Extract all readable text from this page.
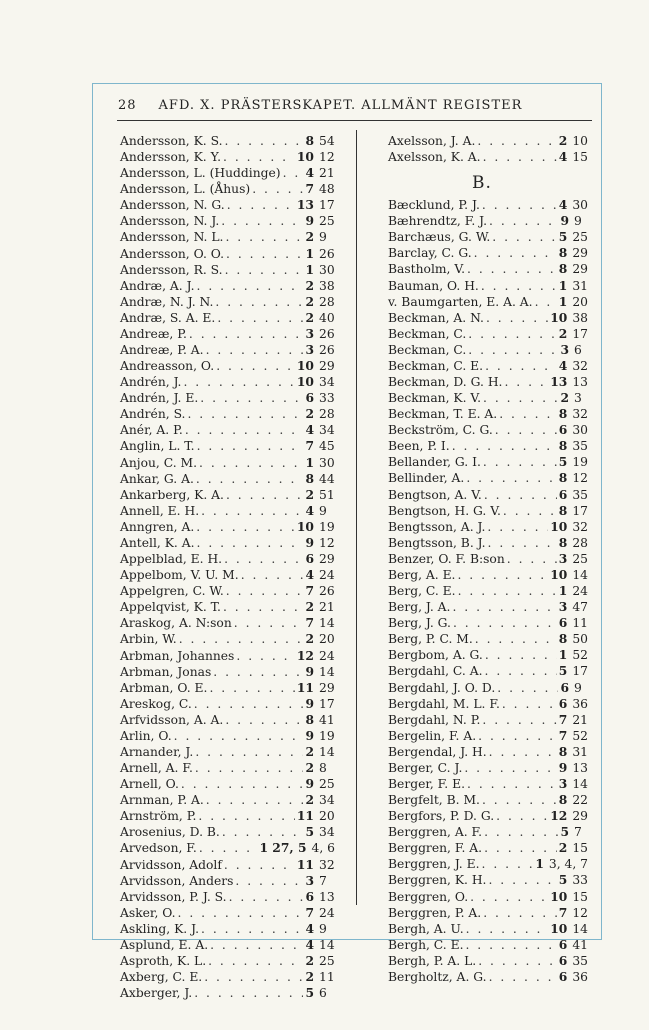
28 AFD. X. PRÄSTERSKAPET. ALLMÄNT REGISTER
Andersson, K. S. . . .	8 54
Andersson, K. Y. . . .	10 12
Andersson, L. (Huddinge) . . . 4 21
Andersson, L. (Åhus) . . .	7 48
Andersson, N. G. . . .	13 17
Andersson, N. J. . . .	9 25
Andersson, N. L. . . .	2 9
Andersson, O. O. . . .	1 26
Andersson, R. S. . . .	1 30
Andræ, A. J. . . .	2 38
Andræ, N. J. N. . . .	2 28
Andræ, S. A. E. . . .	2 40
Andreæ, P. . . .	3 26
Andreæ, P. A. . . .	3 26
Andreasson, O. . . .	10 29
Andrén, J. . . .	10 34
Andrén, J. E. . . .	6 33
Andrén, S. . . .	2 28
Anér, A. P. . . .	4 34
Anglin, L. T. . . .	7 45
Anjou, C. M. . . .	1 30
Ankar, G. A. . . .	8 44
Ankarberg, K. A. . . .	2 51
Annell, E. H. . . .	4 9
Anngren, A. . . .	10 19
Antell, K. A. . . .	9 12
Appelblad, E. H. . . .	6 29
Appelbom, V. U. M. . . .	4 24
Appelgren, C. W. . . .	7 26
Appelqvist, K. T. . . .	2 21
Araskog, A. N:son . . .	7 14
Arbin, W. . . .	2 20
Arbman, Johannes . . .	12 24
Arbman, Jonas . . .	9 14
Arbman, O. E. . . .	11 29
Areskog, C. . . .	9 17
Arfvidsson, A. A. . . .	8 41
Arlin, O. . . .	9 19
Arnander, J. . . .	2 14
Arnell, A. F. . . .	2 8
Arnell, O. . . .	9 25
Arnman, P. A. . . .	2 34
Arnström, P. . . .	11 20
Arosenius, D. B. . . .	5 34
Arvedson, F. . . .	1 27, 5 4, 6
Arvidsson, Adolf . . .	11 32
Arvidsson, Anders . . .	3 7
Arvidsson, P. J. S. . . .	6 13
Asker, O. . . .	7 24
Askling, K. J. . . .	4 9
Asplund, E. A. . . .	4 14
Asproth, K. L. . . .	2 25
Axberg, C. E. . . .	2 11
Axberger, J. . . .	5 6
Axelsson, J. A. . . .	2 10
Axelsson, K. A. . . .	4 15
B.
Bæcklund, P. J. . . .	4 30
Bæhrendtz, F. J. . . .	9 9
Barchæus, G. W. . . .	5 25
Barclay, C. G. . . .	8 29
Bastholm, V. . . .	8 29
Bauman, O. H. . . .	1 31
v. Baumgarten, E. A. A. . . . 1 20
Beckman, A. N. . . .	10 38
Beckman, C. . . .	2 17
Beckman, C. . . .	3 6
Beckman, C. E. . . .	4 32
Beckman, D. G. H. . . .	13 13
Beckman, K. V. . . .	2 3
Beckman, T. E. A. . . .	8 32
Beckström, C. G. . . .	6 30
Been, P. I. . . .	8 35
Bellander, G. I. . . .	5 19
Bellinder, A. . . .	8 12
Bengtson, A. V. . . .	6 35
Bengtson, H. G. V. . . .	8 17
Bengtsson, A. J. . . .	10 32
Bengtsson, B. J. . . .	8 28
Benzer, O. F. B:son . . .	3 25
Berg, A. E. . . .	10 14
Berg, C. E. . . .	1 24
Berg, J. A. . . .	3 47
Berg, J. G. . . .	6 11
Berg, P. C. M. . . .	8 50
Bergbom, A. G. . . .	1 52
Bergdahl, C. A. . . .	5 17
Bergdahl, J. O. D. . . .	6 9
Bergdahl, M. L. F. . . .	6 36
Bergdahl, N. P. . . .	7 21
Bergelin, F. A. . . .	7 52
Bergendal, J. H. . . .	8 31
Berger, C. J. . . .	9 13
Berger, F. E. . . .	3 14
Bergfelt, B. M. . . .	8 22
Bergfors, P. D. G. . . .	12 29
Berggren, A. F. . . .	5 7
Berggren, F. A. . . .	2 15
Berggren, J. E. . . .	1 3, 4, 7
Berggren, K. H. . . .	5 33
Berggren, O. . . .	10 15
Berggren, P. A. . . .	7 12
Bergh, A. U. . . .	10 14
Bergh, C. E. . . .	6 41
Bergh, P. A. L. . . .	6 35
Bergholtz, A. G. . . .	6 36
